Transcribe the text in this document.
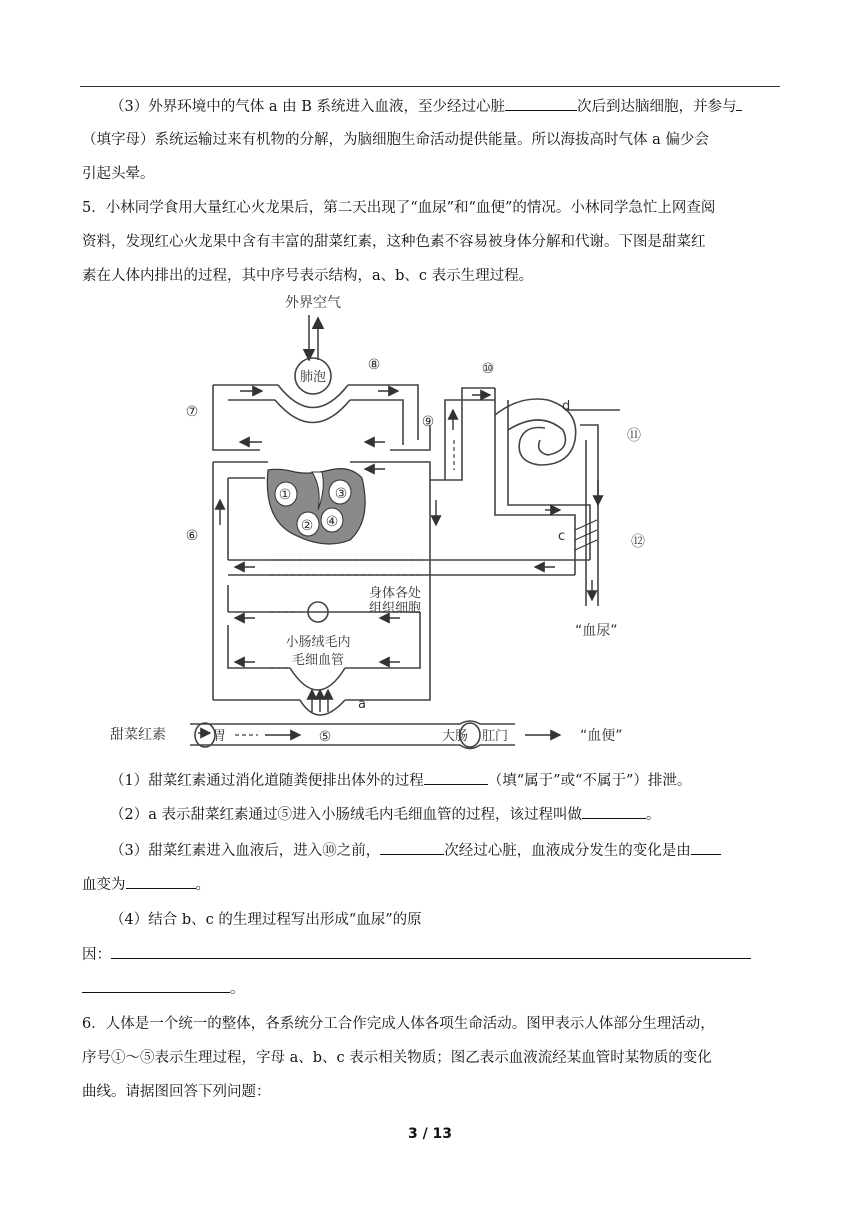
（3）外界环境中的气体 a 由 B 系统进入血液，至少经过心脏	次后到达脑细胞，并参与
（填字母）系统运输过来有机物的分解，为脑细胞生命活动提供能量。所以海拔高时气体 a 偏少会
引起头晕。
5．小林同学食用大量红心火龙果后，第二天出现了“血尿”和“血便”的情况。小林同学急忙上网查阅
资料，发现红心火龙果中含有丰富的甜菜红素，这种色素不容易被身体分解和代谢。下图是甜菜红
素在人体内排出的过程，其中序号表示结构，a、b、c 表示生理过程。
外界空气
肺泡
身体各处
组织细胞
小肠绒毛内
毛细血管
甜菜红素	胃	大肠 肛门	“血便”
“血尿”
①
②
③
④
⑤
⑥
⑦
⑧
⑨
⑩
⑪
⑫
a
c
d
（1）甜菜红素通过消化道随粪便排出体外的过程	（填“属于”或“不属于”）排泄。
（2）a 表示甜菜红素通过⑤进入小肠绒毛内毛细血管的过程，该过程叫做	。
（3）甜菜红素进入血液后，进入⑩之前，	次经过心脏，血液成分发生的变化是由
血变为	。
（4）结合 b、c 的生理过程写出形成“血尿”的原
因：
。
6．人体是一个统一的整体，各系统分工合作完成人体各项生命活动。图甲表示人体部分生理活动，
序号①～⑤表示生理过程，字母 a、b、c 表示相关物质；图乙表示血液流经某血管时某物质的变化
曲线。请据图回答下列问题：
3 / 13
